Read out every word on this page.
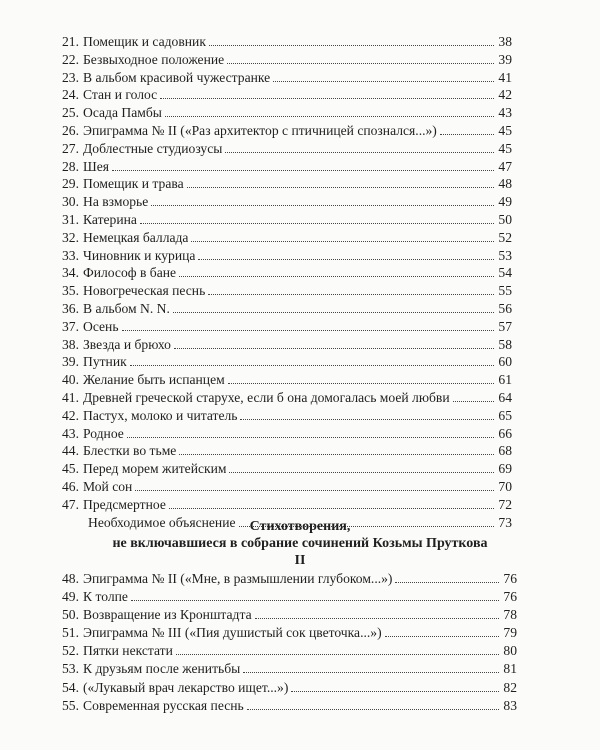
21. Помещик и садовник	38
22. Безвыходное положение	39
23. В альбом красивой чужестранке	41
24. Стан и голос	42
25. Осада Памбы	43
26. Эпиграмма № II («Раз архитектор с птичницей спознался...»)	45
27. Доблестные студиозусы	45
28. Шея	47
29. Помещик и трава	48
30. На взморье	49
31. Катерина	50
32. Немецкая баллада	52
33. Чиновник и курица	53
34. Философ в бане	54
35. Новогреческая песнь	55
36. В альбом N. N.	56
37. Осень	57
38. Звезда и брюхо	58
39. Путник	60
40. Желание быть испанцем	61
41. Древней греческой старухе, если б она домогалась моей любви	64
42. Пастух, молоко и читатель	65
43. Родное	66
44. Блестки во тьме	68
45. Перед морем житейским	69
46. Мой сон	70
47. Предсмертное	72
Необходимое объяснение	73
Стихотворения,
не включавшиеся в собрание сочинений Козьмы Пруткова
II
48. Эпиграмма № II («Мне, в размышлении глубоком...»)	76
49. К толпе	76
50. Возвращение из Кронштадта	78
51. Эпиграмма № III («Пия душистый сок цветочка...»)	79
52. Пятки некстати	80
53. К друзьям после женитьбы	81
54. («Лукавый врач лекарство ищет...»)	82
55. Современная русская песнь	83
